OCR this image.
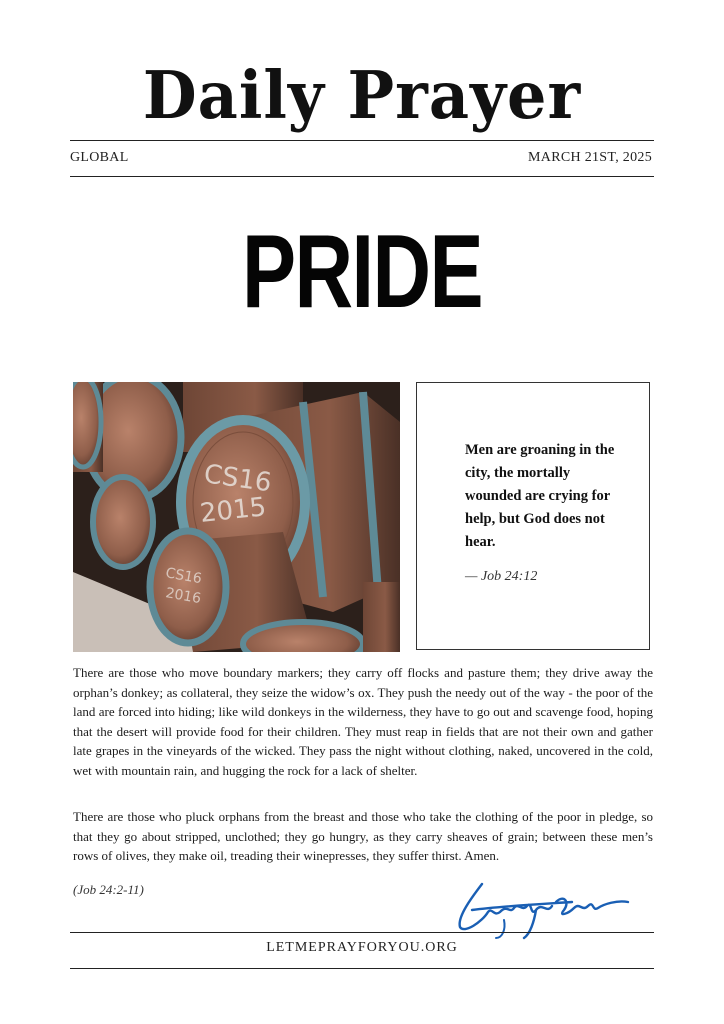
Daily Prayer
GLOBAL	MARCH 21ST, 2025
PRIDE
CS16
2015
CS16
2016
Men are groaning in the city, the mortally wounded are crying for help, but God does not hear.
— Job 24:12
There are those who move boundary markers; they carry off flocks and pasture them; they drive away the orphan’s donkey; as collateral, they seize the widow’s ox. They push the needy out of the way - the poor of the land are forced into hiding; like wild donkeys in the wilderness, they have to go out and scavenge food, hoping that the desert will provide food for their children. They must reap in fields that are not their own and gather late grapes in the vineyards of the wicked. They pass the night without clothing, naked, uncovered in the cold, wet with mountain rain, and hugging the rock for a lack of shelter.
There are those who pluck orphans from the breast and those who take the clothing of the poor in pledge, so that they go about stripped, unclothed; they go hungry, as they carry sheaves of grain; between these men’s rows of olives, they make oil, treading their winepresses, they suffer thirst. Amen.
(Job 24:2-11)
LETMEPRAYFORYOU.ORG
